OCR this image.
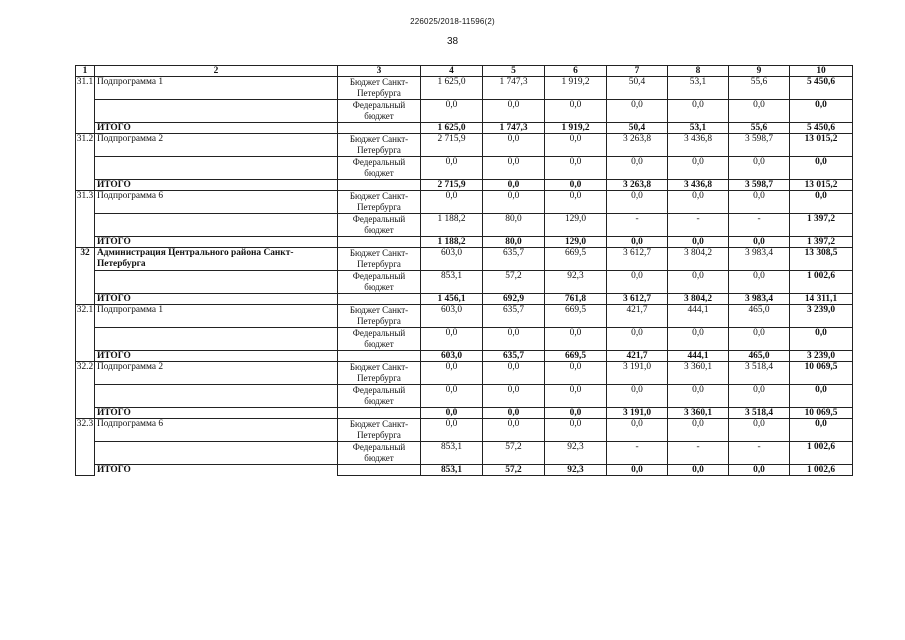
226025/2018-11596(2)
38
1	2	3	4	5	6	7	8	9	10
31.1	Подпрограмма 1	Бюджет Санкт-Петербурга	1 625,0	1 747,3	1 919,2	50,4	53,1	55,6	5 450,6
		Федеральный бюджет	0,0	0,0	0,0	0,0	0,0	0,0	0,0
	ИТОГО		1 625,0	1 747,3	1 919,2	50,4	53,1	55,6	5 450,6
31.2	Подпрограмма 2	Бюджет Санкт-Петербурга	2 715,9	0,0	0,0	3 263,8	3 436,8	3 598,7	13 015,2
		Федеральный бюджет	0,0	0,0	0,0	0,0	0,0	0,0	0,0
	ИТОГО		2 715,9	0,0	0,0	3 263,8	3 436,8	3 598,7	13 015,2
31.3	Подпрограмма 6	Бюджет Санкт-Петербурга	0,0	0,0	0,0	0,0	0,0	0,0	0,0
		Федеральный бюджет	1 188,2	80,0	129,0	-	-	-	1 397,2
	ИТОГО		1 188,2	80,0	129,0	0,0	0,0	0,0	1 397,2
32	Администрация Центрального района Санкт-Петербурга	Бюджет Санкт-Петербурга	603,0	635,7	669,5	3 612,7	3 804,2	3 983,4	13 308,5
		Федеральный бюджет	853,1	57,2	92,3	0,0	0,0	0,0	1 002,6
	ИТОГО		1 456,1	692,9	761,8	3 612,7	3 804,2	3 983,4	14 311,1
32.1	Подпрограмма 1	Бюджет Санкт-Петербурга	603,0	635,7	669,5	421,7	444,1	465,0	3 239,0
		Федеральный бюджет	0,0	0,0	0,0	0,0	0,0	0,0	0,0
	ИТОГО		603,0	635,7	669,5	421,7	444,1	465,0	3 239,0
32.2	Подпрограмма 2	Бюджет Санкт-Петербурга	0,0	0,0	0,0	3 191,0	3 360,1	3 518,4	10 069,5
		Федеральный бюджет	0,0	0,0	0,0	0,0	0,0	0,0	0,0
	ИТОГО		0,0	0,0	0,0	3 191,0	3 360,1	3 518,4	10 069,5
32.3	Подпрограмма 6	Бюджет Санкт-Петербурга	0,0	0,0	0,0	0,0	0,0	0,0	0,0
		Федеральный бюджет	853,1	57,2	92,3	-	-	-	1 002,6
	ИТОГО		853,1	57,2	92,3	0,0	0,0	0,0	1 002,6
